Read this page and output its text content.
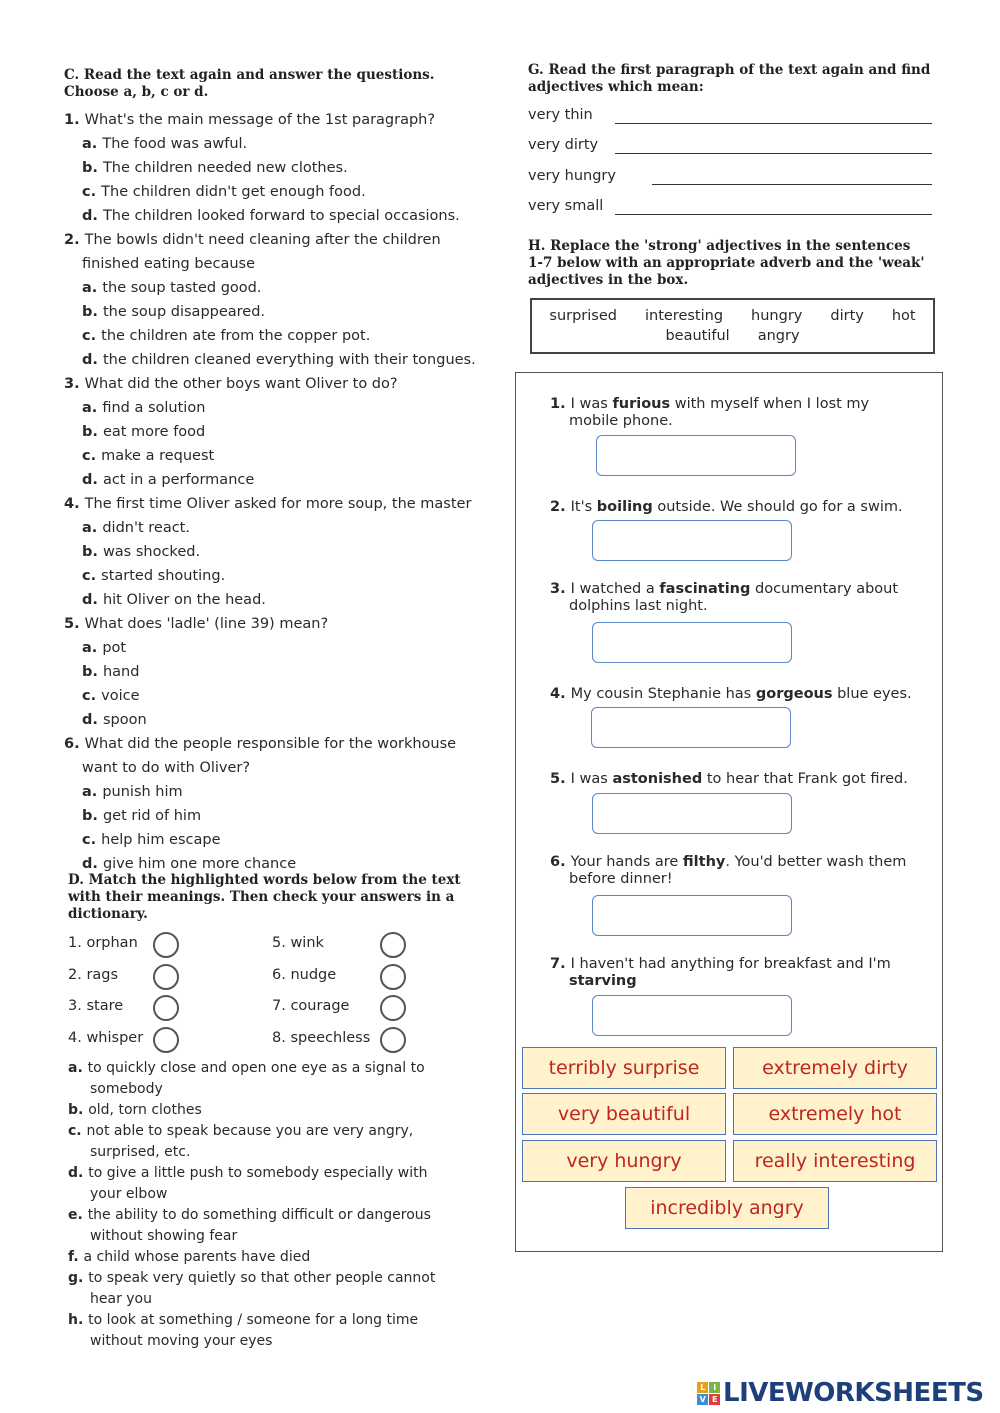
C. Read the text again and answer the questions.
Choose a, b, c or d.
1. What's the main message of the 1st paragraph?
a. The food was awful.
b. The children needed new clothes.
c. The children didn't get enough food.
d. The children looked forward to special occasions.
2. The bowls didn't need cleaning after the children
finished eating because
a. the soup tasted good.
b. the soup disappeared.
c. the children ate from the copper pot.
d. the children cleaned everything with their tongues.
3. What did the other boys want Oliver to do?
a. find a solution
b. eat more food
c. make a request
d. act in a performance
4. The first time Oliver asked for more soup, the master
a. didn't react.
b. was shocked.
c. started shouting.
d. hit Oliver on the head.
5. What does 'ladle' (line 39) mean?
a. pot
b. hand
c. voice
d. spoon
6. What did the people responsible for the workhouse
want to do with Oliver?
a. punish him
b. get rid of him
c. help him escape
d. give him one more chance
D. Match the highlighted words below from the text
with their meanings. Then check your answers in a
dictionary.
1. orphan
2. rags
3. stare
4. whisper
5. wink
6. nudge
7. courage
8. speechless
a. to quickly close and open one eye as a signal to
somebody
b. old, torn clothes
c. not able to speak because you are very angry,
surprised, etc.
d. to give a little push to somebody especially with
your elbow
e. the ability to do something difficult or dangerous
without showing fear
f. a child whose parents have died
g. to speak very quietly so that other people cannot
hear you
h. to look at something / someone for a long time
without moving your eyes
G. Read the first paragraph of the text again and find
adjectives which mean:
very thin
very dirty
very hungry
very small
H. Replace the 'strong' adjectives in the sentences
1-7 below with an appropriate adverb and the 'weak'
adjectives in the box.
surprised interesting hungry dirty hot
beautiful angry
1. I was furious with myself when I lost my
mobile phone.
2. It's boiling outside. We should go for a swim.
3. I watched a fascinating documentary about
dolphins last night.
4. My cousin Stephanie has gorgeous blue eyes.
5. I was astonished to hear that Frank got fired.
6. Your hands are filthy. You'd better wash them
before dinner!
7. I haven't had anything for breakfast and I'm
starving
terribly surprise	extremely dirty
very beautiful	extremely hot
very hungry	really interesting
incredibly angry
L	I
V E LIVEWORKSHEETS
